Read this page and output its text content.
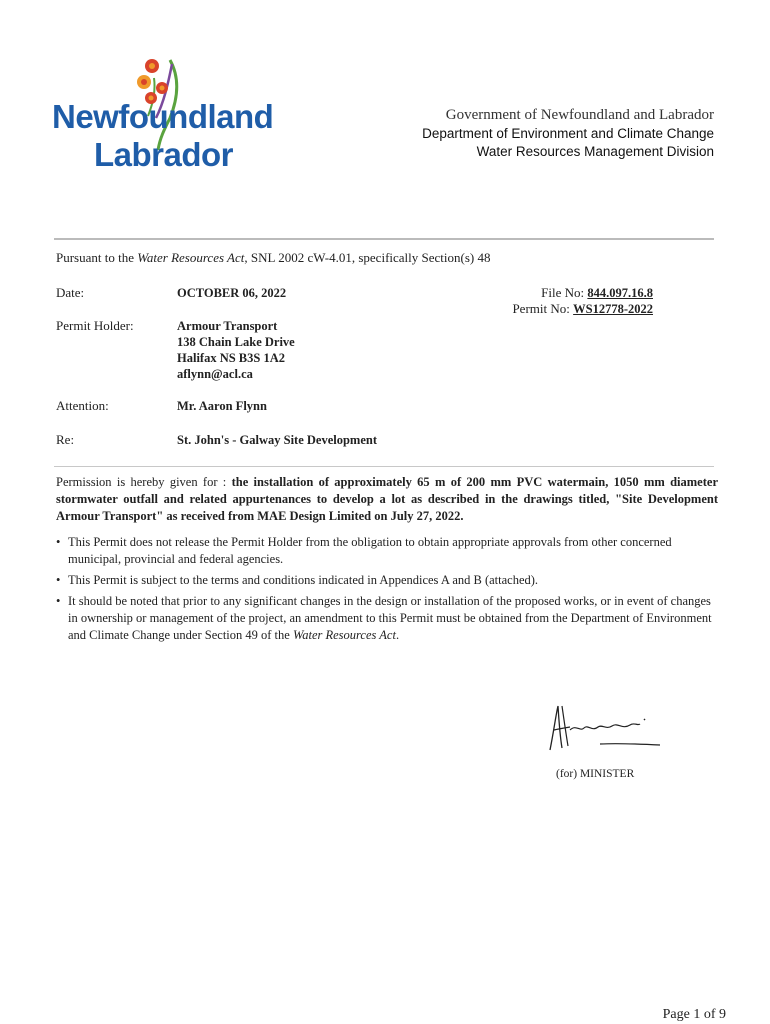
Newfoundland
Labrador
Government of Newfoundland and Labrador
Department of Environment and Climate Change
Water Resources Management Division
Pursuant to the Water Resources Act, SNL 2002 cW-4.01, specifically Section(s) 48
Date:	OCTOBER 06, 2022
Permit Holder:	Armour Transport
138 Chain Lake Drive
Halifax NS B3S 1A2
aflynn@acl.ca
Attention:	Mr. Aaron Flynn
Re:	St. John's - Galway Site Development
File No: 844.097.16.8
Permit No: WS12778-2022
Permission is hereby given for : the installation of approximately 65 m of 200 mm PVC watermain, 1050 mm diameter stormwater outfall and related appurtenances to develop a lot as described in the drawings titled, "Site Development Armour Transport" as received from MAE Design Limited on July 27, 2022.
• This Permit does not release the Permit Holder from the obligation to obtain appropriate approvals from other concerned municipal, provincial and federal agencies.
• This Permit is subject to the terms and conditions indicated in Appendices A and B (attached).
• It should be noted that prior to any significant changes in the design or installation of the proposed works, or in event of changes in ownership or management of the project, an amendment to this Permit must be obtained from the Department of Environment and Climate Change under Section 49 of the Water Resources Act.
(for) MINISTER
Page 1 of 9
